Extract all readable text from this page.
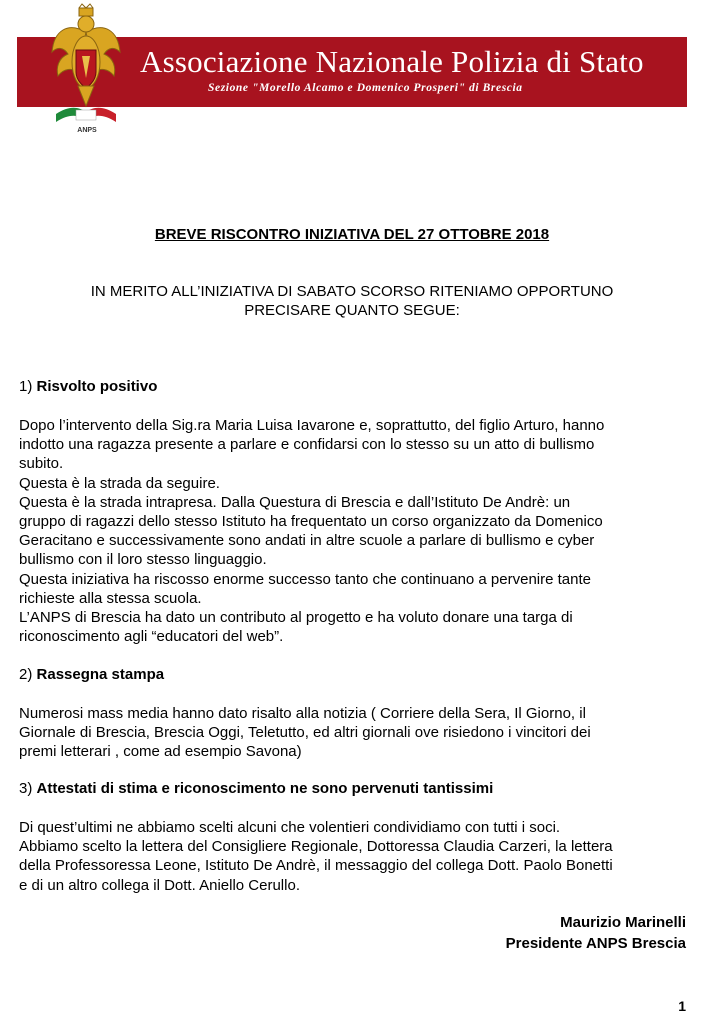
ANPS
Associazione Nazionale Polizia di Stato
Sezione "Morello Alcamo e Domenico Prosperi" di Brescia
BREVE RISCONTRO INIZIATIVA DEL 27 OTTOBRE 2018
IN MERITO ALL’INIZIATIVA DI SABATO SCORSO RITENIAMO OPPORTUNO
PRECISARE QUANTO SEGUE:
1) Risvolto positivo
Dopo l’intervento della Sig.ra Maria Luisa Iavarone e, soprattutto, del figlio Arturo, hanno
indotto una ragazza presente a parlare e confidarsi con lo stesso su un atto di bullismo
subito.
Questa è la strada da seguire.
Questa è la strada intrapresa. Dalla Questura di Brescia e dall’Istituto De Andrè: un
gruppo di ragazzi dello stesso Istituto ha frequentato un corso organizzato da Domenico
Geracitano e successivamente sono andati in altre scuole a parlare di bullismo e cyber
bullismo con il loro stesso linguaggio.
Questa iniziativa ha riscosso enorme successo tanto che continuano a pervenire tante
richieste alla stessa scuola.
L’ANPS di Brescia ha dato un contributo al progetto e ha voluto donare una targa di
riconoscimento agli “educatori del web”.
2) Rassegna stampa
Numerosi mass media hanno dato risalto alla notizia ( Corriere della Sera, Il Giorno, il
Giornale di Brescia, Brescia Oggi, Teletutto, ed altri giornali ove risiedono i vincitori dei
premi letterari , come ad esempio Savona)
3) Attestati di stima e riconoscimento ne sono pervenuti tantissimi
Di quest’ultimi ne abbiamo scelti alcuni che volentieri condividiamo con tutti i soci.
Abbiamo scelto la lettera del Consigliere Regionale, Dottoressa Claudia Carzeri, la lettera
della Professoressa Leone, Istituto De Andrè, il messaggio del collega Dott. Paolo Bonetti
e di un altro collega il Dott. Aniello Cerullo.
Maurizio Marinelli
Presidente ANPS Brescia
1
